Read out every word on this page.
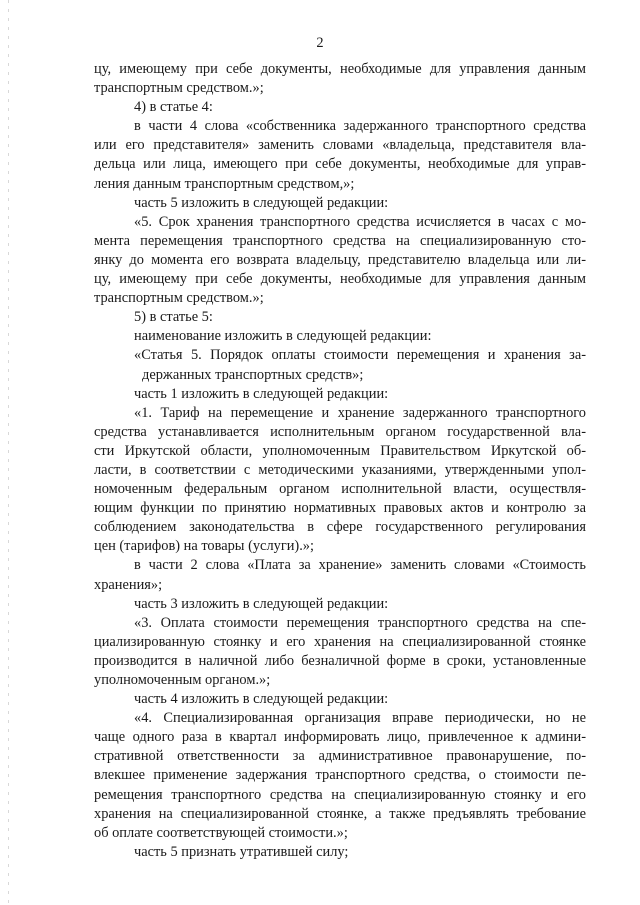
2
цу, имеющему при себе документы, необходимые для управления данным
транспортным средством.»;
4) в статье 4:
в части 4 слова «собственника задержанного транспортного средства
или его представителя» заменить словами «владельца, представителя вла-
дельца или лица, имеющего при себе документы, необходимые для управ-
ления данным транспортным средством,»;
часть 5 изложить в следующей редакции:
«5. Срок хранения транспортного средства исчисляется в часах с мо-
мента перемещения транспортного средства на специализированную сто-
янку до момента его возврата владельцу, представителю владельца или ли-
цу, имеющему при себе документы, необходимые для управления данным
транспортным средством.»;
5) в статье 5:
наименование изложить в следующей редакции:
«Статья 5. Порядок оплаты стоимости перемещения и хранения за-
держанных транспортных средств»;
часть 1 изложить в следующей редакции:
«1. Тариф на перемещение и хранение задержанного транспортного
средства устанавливается исполнительным органом государственной вла-
сти Иркутской области, уполномоченным Правительством Иркутской об-
ласти, в соответствии с методическими указаниями, утвержденными упол-
номоченным федеральным органом исполнительной власти, осуществля-
ющим функции по принятию нормативных правовых актов и контролю за
соблюдением законодательства в сфере государственного регулирования
цен (тарифов) на товары (услуги).»;
в части 2 слова «Плата за хранение» заменить словами «Стоимость
хранения»;
часть 3 изложить в следующей редакции:
«3. Оплата стоимости перемещения транспортного средства на спе-
циализированную стоянку и его хранения на специализированной стоянке
производится в наличной либо безналичной форме в сроки, установленные
уполномоченным органом.»;
часть 4 изложить в следующей редакции:
«4. Специализированная организация вправе периодически, но не
чаще одного раза в квартал информировать лицо, привлеченное к админи-
стративной ответственности за административное правонарушение, по-
влекшее применение задержания транспортного средства, о стоимости пе-
ремещения транспортного средства на специализированную стоянку и его
хранения на специализированной стоянке, а также предъявлять требование
об оплате соответствующей стоимости.»;
часть 5 признать утратившей силу;
